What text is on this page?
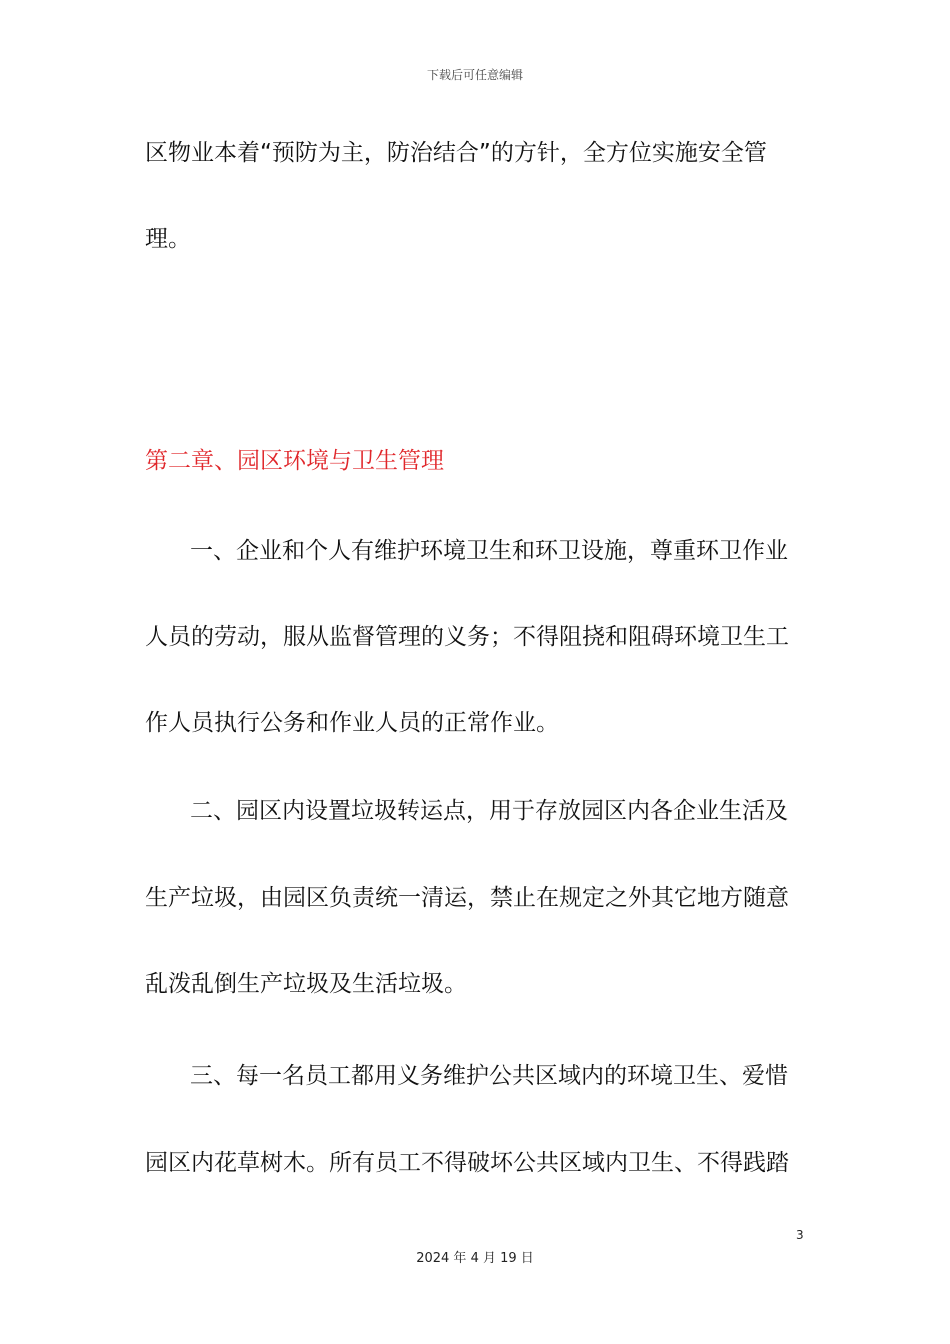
下载后可任意编辑
区物业本着“预防为主，防治结合”的方针，全方位实施安全管
理。
第二章、园区环境与卫生管理
一、企业和个人有维护环境卫生和环卫设施，尊重环卫作业
人员的劳动，服从监督管理的义务；不得阻挠和阻碍环境卫生工
作人员执行公务和作业人员的正常作业。
二、园区内设置垃圾转运点，用于存放园区内各企业生活及
生产垃圾，由园区负责统一清运，禁止在规定之外其它地方随意
乱泼乱倒生产垃圾及生活垃圾。
三、每一名员工都用义务维护公共区域内的环境卫生、爱惜
园区内花草树木。所有员工不得破坏公共区域内卫生、不得践踏
3
2024 年 4 月 19 日
